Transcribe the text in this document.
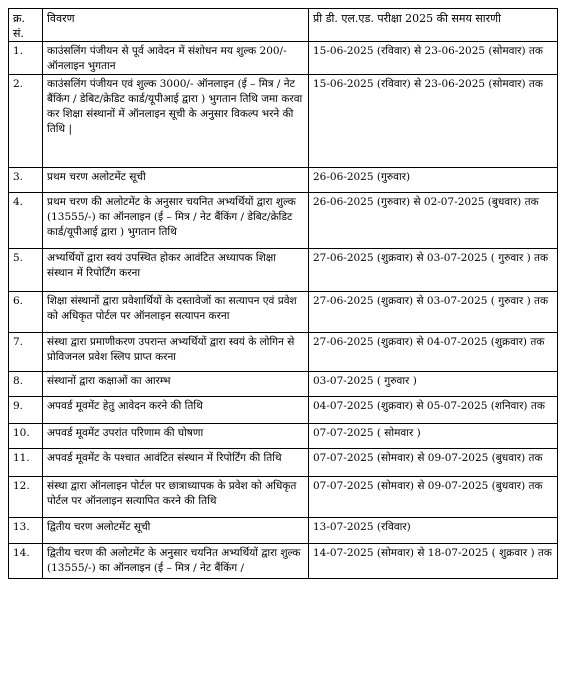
क्र. सं.	विवरण	प्री डी. एल.एड. परीक्षा 2025 की समय सारणी
1.	काउंसलिंग पंजीयन से पूर्व आवेदन में संशोधन मय शुल्क 200/- ऑनलाइन भुगतान	15-06-2025 (रविवार) से 23-06-2025 (सोमवार) तक
2.	काउंसलिंग पंजीयन एवं शुल्क 3000/- ऑनलाइन (ई – मित्र / नेट बैंकिंग / डेबिट/क्रेडिट कार्ड/यूपीआई द्वारा ) भुगतान तिथि जमा करवा कर शिक्षा संस्थानों में ऑनलाइन सूची के अनुसार विकल्प भरने की तिथि |	15-06-2025 (रविवार) से 23-06-2025 (सोमवार) तक
3.	प्रथम चरण अलोटमेंट सूची	26-06-2025 (गुरुवार)
4.	प्रथम चरण की अलोटमेंट के अनुसार चयनित अभ्यर्थियों द्वारा शुल्क (13555/-) का ऑनलाइन (ई – मित्र / नेट बैंकिंग / डेबिट/क्रेडिट कार्ड/यूपीआई द्वारा ) भुगतान तिथि	26-06-2025 (गुरुवार) से 02-07-2025 (बुधवार) तक
5.	अभ्यर्थियों द्वारा स्वयं उपस्थित होकर आवंटित अध्यापक शिक्षा संस्थान में रिपोर्टिंग करना	27-06-2025 (शुक्रवार) से 03-07-2025 ( गुरुवार ) तक
6.	शिक्षा संस्थानों द्वारा प्रवेशार्थियों के दस्तावेजों का सत्यापन एवं प्रवेश को अधिकृत पोर्टल पर ऑनलाइन सत्यापन करना	27-06-2025 (शुक्रवार) से 03-07-2025 ( गुरुवार ) तक
7.	संस्था द्वारा प्रमाणीकरण उपरान्त अभ्यर्थियों द्वारा स्वयं के लोगिन से प्रोविजनल प्रवेश स्लिप प्राप्त करना	27-06-2025 (शुक्रवार) से 04-07-2025 (शुक्रवार) तक
8.	संस्थानों द्वारा कक्षाओं का आरम्भ	03-07-2025 ( गुरुवार )
9.	अपवर्ड मूवमेंट हेतु आवेदन करने की तिथि	04-07-2025 (शुक्रवार) से 05-07-2025 (शनिवार) तक
10.	अपवर्ड मूवमेंट उपरांत परिणाम की घोषणा	07-07-2025 ( सोमवार )
11.	अपवर्ड मूवमेंट के पश्चात आवंटित संस्थान में रिपोर्टिंग की तिथि	07-07-2025 (सोमवार) से 09-07-2025 (बुधवार) तक
12.	संस्था द्वारा ऑनलाइन पोर्टल पर छात्राध्यापक के प्रवेश को अधिकृत पोर्टल पर ऑनलाइन सत्यापित करने की तिथि	07-07-2025 (सोमवार) से 09-07-2025 (बुधवार) तक
13.	द्वितीय चरण अलोटमेंट सूची	13-07-2025 (रविवार)
14.	द्वितीय चरण की अलोटमेंट के अनुसार चयनित अभ्यर्थियों द्वारा शुल्क (13555/-) का ऑनलाइन (ई – मित्र / नेट बैंकिंग /	14-07-2025 (सोमवार) से 18-07-2025 ( शुक्रवार ) तक
